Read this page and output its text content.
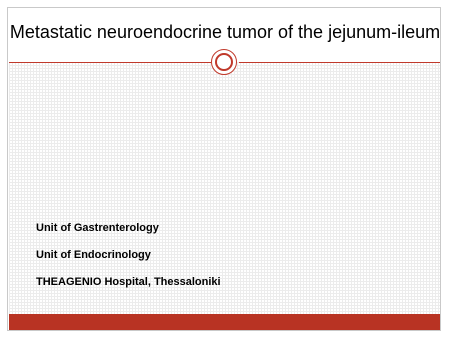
Metastatic neuroendocrine tumor of the jejunum-ileum
Unit of Gastrenterology
Unit of Endocrinology
THEAGENIO Hospital, Thessaloniki
